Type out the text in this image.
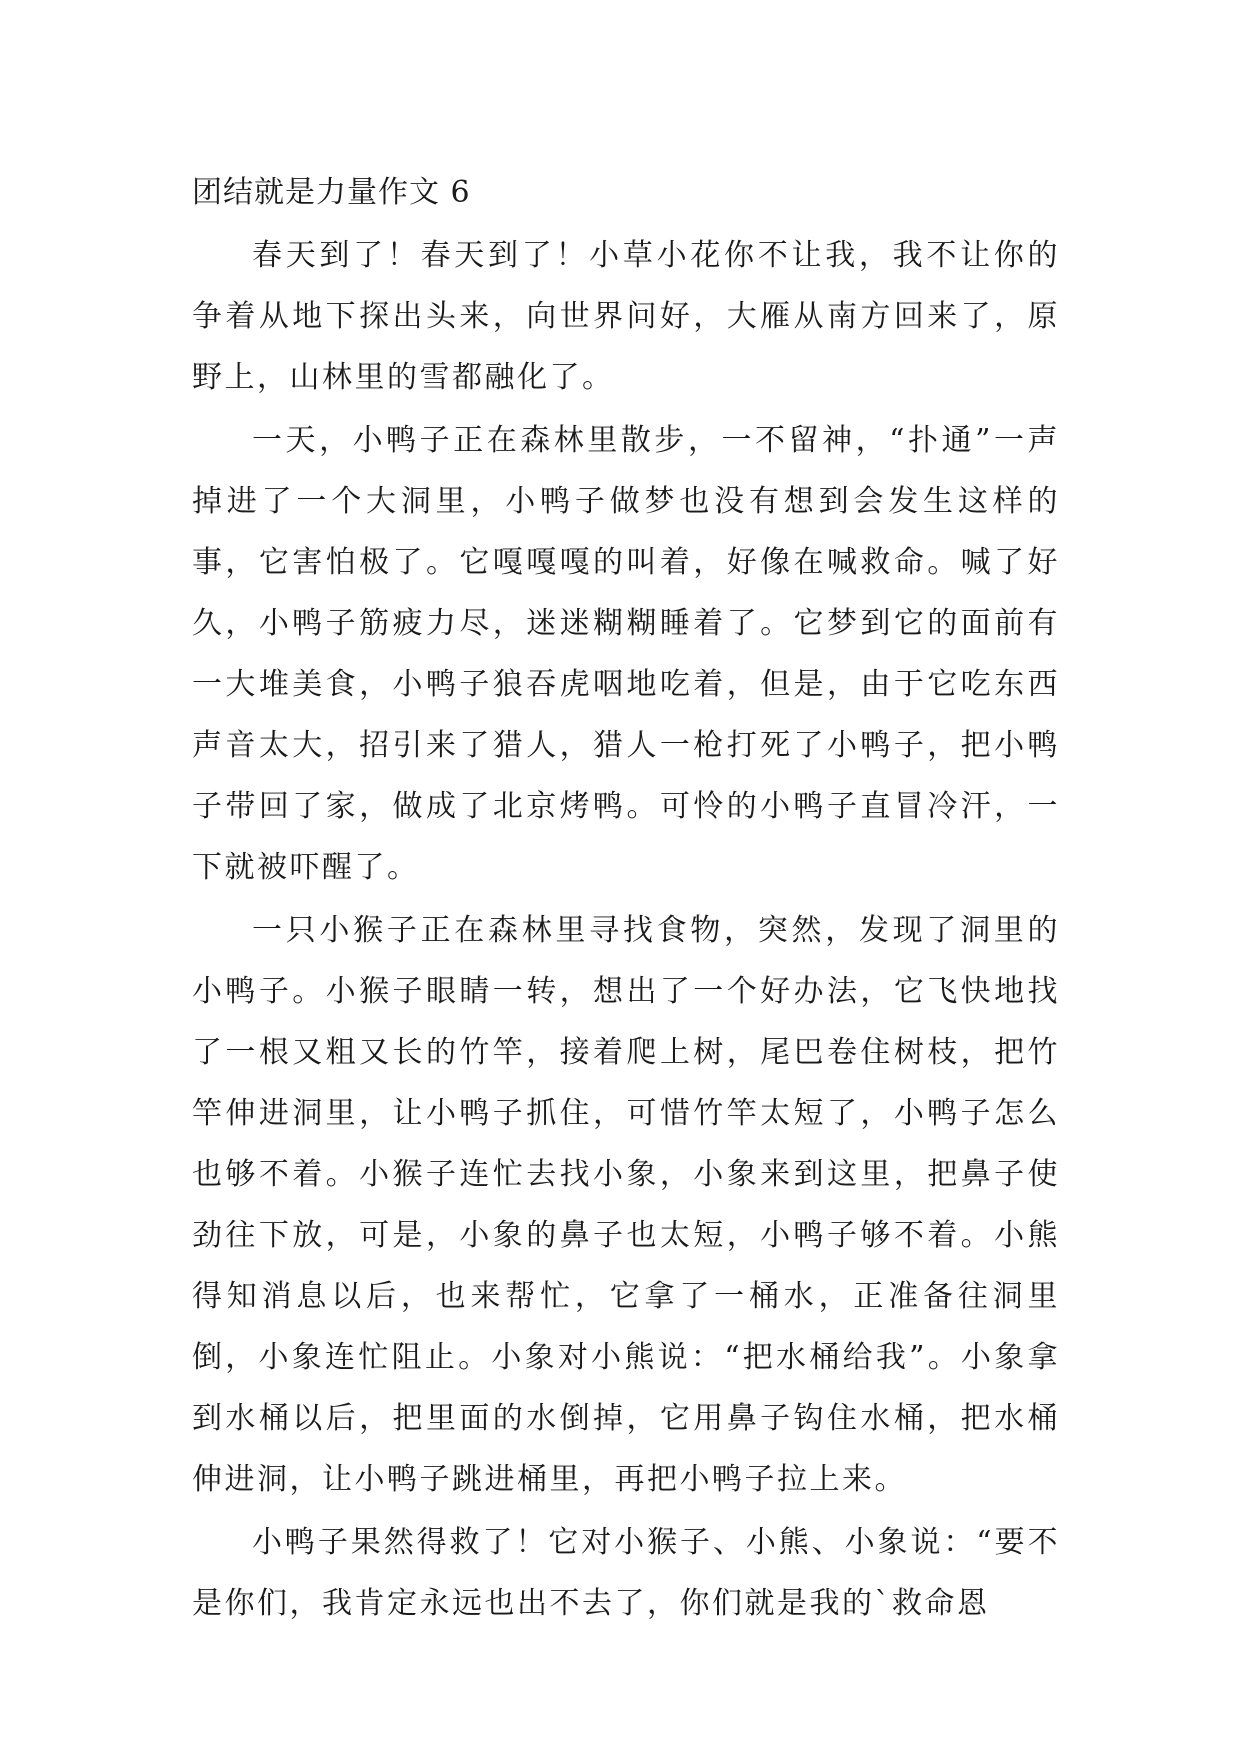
团结就是力量作文 6

春天到了！春天到了！小草小花你不让我，我不让你的争着从地下探出头来，向世界问好，大雁从南方回来了，原野上，山林里的雪都融化了。

一天，小鸭子正在森林里散步，一不留神，“扑通”一声掉进了一个大洞里，小鸭子做梦也没有想到会发生这样的事，它害怕极了。它嘎嘎嘎的叫着，好像在喊救命。喊了好久，小鸭子筋疲力尽，迷迷糊糊睡着了。它梦到它的面前有一大堆美食，小鸭子狼吞虎咽地吃着，但是，由于它吃东西声音太大，招引来了猎人，猎人一枪打死了小鸭子，把小鸭子带回了家，做成了北京烤鸭。可怜的小鸭子直冒冷汗，一下就被吓醒了。

一只小猴子正在森林里寻找食物，突然，发现了洞里的小鸭子。小猴子眼睛一转，想出了一个好办法，它飞快地找了一根又粗又长的竹竿，接着爬上树，尾巴卷住树枝，把竹竿伸进洞里，让小鸭子抓住，可惜竹竿太短了，小鸭子怎么也够不着。小猴子连忙去找小象，小象来到这里，把鼻子使劲往下放，可是，小象的鼻子也太短，小鸭子够不着。小熊得知消息以后，也来帮忙，它拿了一桶水，正准备往洞里倒，小象连忙阻止。小象对小熊说：“把水桶给我”。小象拿到水桶以后，把里面的水倒掉，它用鼻子钩住水桶，把水桶伸进洞，让小鸭子跳进桶里，再把小鸭子拉上来。

小鸭子果然得救了！它对小猴子、小熊、小象说：“要不是你们，我肯定永远也出不去了，你们就是我的`救命恩
